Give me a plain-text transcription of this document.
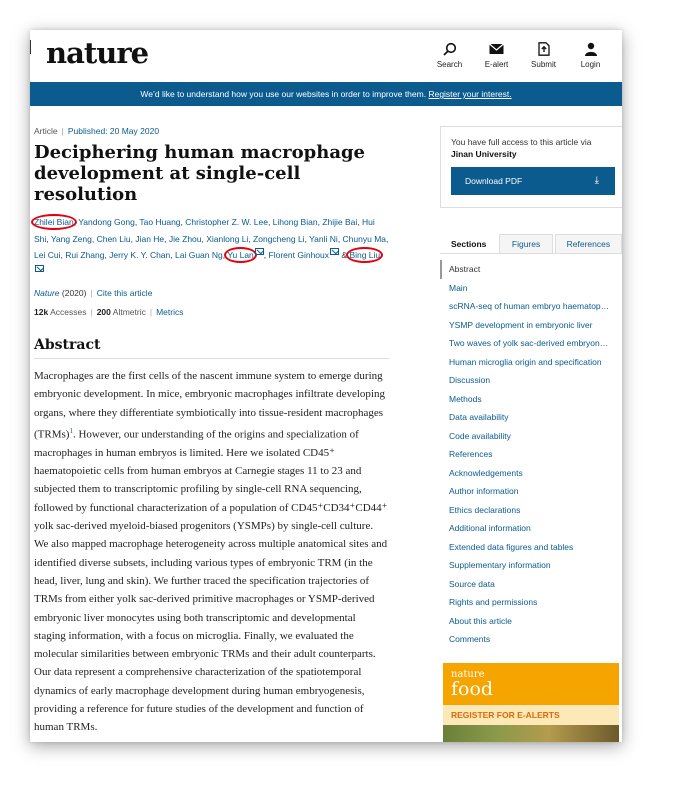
nature	Search	E-alert	Submit	Login
We’d like to understand how you use our websites in order to improve them. Register your interest.
Article | Published: 20 May 2020
Deciphering human macrophage development at single-cell resolution
Zhilei Bian, Yandong Gong, Tao Huang, Christopher Z. W. Lee, Lihong Bian, Zhijie Bai, Hui Shi, Yang Zeng, Chen Liu, Jian He, Jie Zhou, Xianlong Li, Zongcheng Li, Yanli Ni, Chunyu Ma, Lei Cui, Rui Zhang, Jerry K. Y. Chan, Lai Guan Ng, Yu Lan , Florent Ginhoux & Bing Liu
Nature (2020) | Cite this article
12k Accesses | 200 Altmetric | Metrics
Abstract

Macrophages are the first cells of the nascent immune system to emerge during embryonic development. In mice, embryonic macrophages infiltrate developing organs, where they differentiate symbiotically into tissue-resident macrophages (TRMs)$^1$. However, our understanding of the origins and specialization of macrophages in human embryos is limited. Here we isolated CD45⁺ haematopoietic cells from human embryos at Carnegie stages 11 to 23 and subjected them to transcriptomic profiling by single-cell RNA sequencing, followed by functional characterization of a population of CD45⁺CD34⁺CD44⁺ yolk sac-derived myeloid-biased progenitors (YSMPs) by single-cell culture. We also mapped macrophage heterogeneity across multiple anatomical sites and identified diverse subsets, including various types of embryonic TRM (in the head, liver, lung and skin). We further traced the specification trajectories of TRMs from either yolk sac-derived primitive macrophages or YSMP-derived embryonic liver monocytes using both transcriptomic and developmental staging information, with a focus on microglia. Finally, we evaluated the molecular similarities between embryonic TRMs and their adult counterparts. Our data represent a comprehensive characterization of the spatiotemporal dynamics of early macrophage development during human embryogenesis, providing a reference for future studies of the development and function of human TRMs.

You have full access to this article via
Jinan University
Download PDF	⤓
Sections	Figures	References
Abstract
Main
scRNA-seq of human embryo haematop…
YSMP development in embryonic liver
Two waves of yolk sac-derived embryon…
Human microglia origin and specification
Discussion
Methods
Data availability
Code availability
References
Acknowledgements
Author information
Ethics declarations
Additional information
Extended data figures and tables
Supplementary information
Source data
Rights and permissions
About this article
Comments
nature
food
REGISTER FOR E-ALERTS
